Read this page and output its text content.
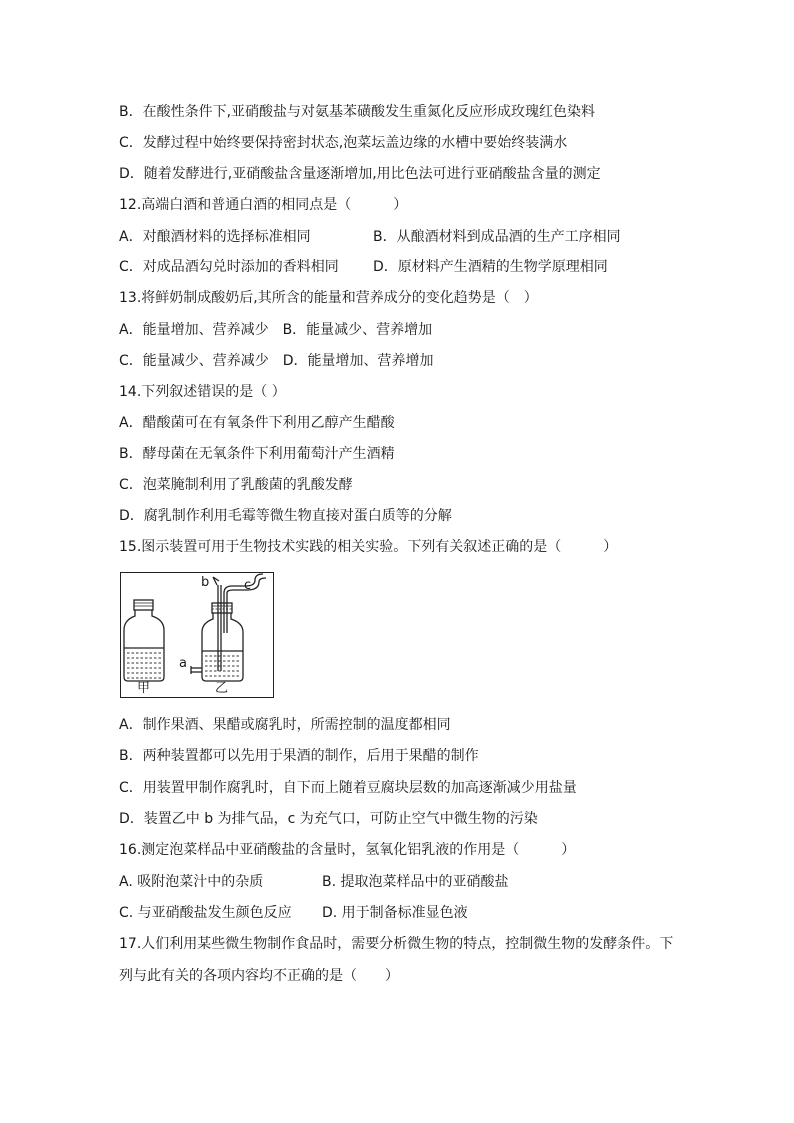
B．在酸性条件下,亚硝酸盐与对氨基苯磺酸发生重氮化反应形成玫瑰红色染料
C．发酵过程中始终要保持密封状态,泡菜坛盖边缘的水槽中要始终装满水
D．随着发酵进行,亚硝酸盐含量逐渐增加,用比色法可进行亚硝酸盐含量的测定
12.高端白酒和普通白酒的相同点是（　　　）
A．对酿酒材料的选择标准相同	B．从酿酒材料到成品酒的生产工序相同
C．对成品酒勾兑时添加的香料相同 D．原材料产生酒精的生物学原理相同
13.将鲜奶制成酸奶后,其所含的能量和营养成分的变化趋势是（　）
A．能量增加、营养减少　B．能量减少、营养增加
C．能量减少、营养减少　D．能量增加、营养增加
14.下列叙述错误的是（ ）
A．醋酸菌可在有氧条件下利用乙醇产生醋酸
B．酵母菌在无氧条件下利用葡萄汁产生酒精
C．泡菜腌制利用了乳酸菌的乳酸发酵
D．腐乳制作利用毛霉等微生物直接对蛋白质等的分解
15.图示装置可用于生物技术实践的相关实验。下列有关叙述正确的是（　　　）
甲	乙
a
b	c
A．制作果酒、果醋或腐乳时，所需控制的温度都相同
B．两种装置都可以先用于果酒的制作，后用于果醋的制作
C．用装置甲制作腐乳时，自下而上随着豆腐块层数的加高逐渐减少用盐量
D．装置乙中 b 为排气品，c 为充气口，可防止空气中微生物的污染
16.测定泡菜样品中亚硝酸盐的含量时，氢氧化铝乳液的作用是（　　　）
A. 吸附泡菜汁中的杂质	B. 提取泡菜样品中的亚硝酸盐
C. 与亚硝酸盐发生颜色反应 D. 用于制备标准显色液
17.人们利用某些微生物制作食品时，需要分析微生物的特点，控制微生物的发酵条件。下
列与此有关的各项内容均不正确的是（　　）
